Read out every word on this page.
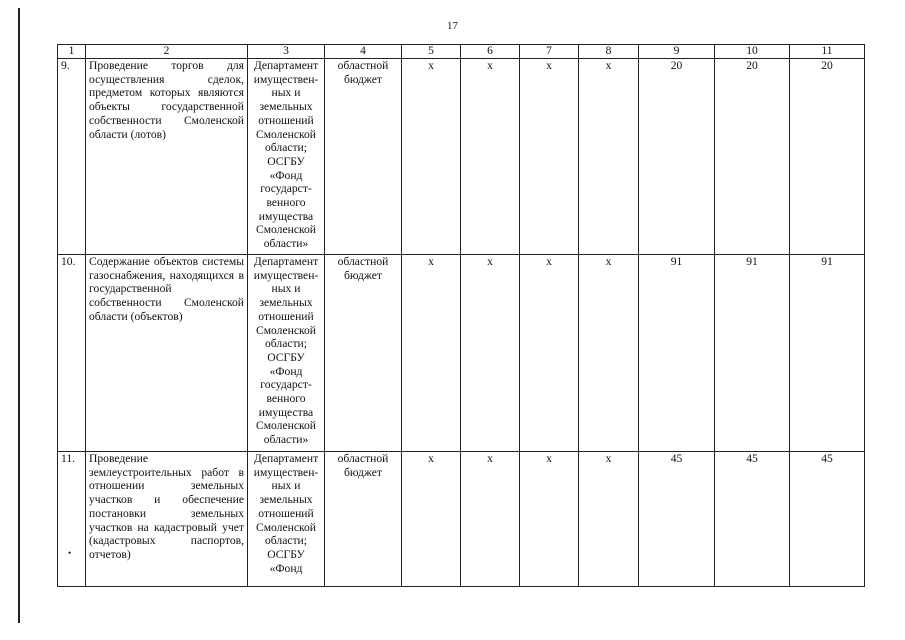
17
•
1	2	3	4	5	6	7	8	9	10	11
9.	Проведение торгов для осуществления сделок, предметом которых являются объекты государственной собственности Смоленской области (лотов)	Департамент имуществен-ных и земельных отношений Смоленской области; ОСГБУ «Фонд государст-венного имущества Смоленской области»	областной бюджет	х	х	х	х	20	20	20
10.	Содержание объектов системы газоснабжения, находящихся в государственной собственности Смоленской области (объектов)	Департамент имуществен-ных и земельных отношений Смоленской области; ОСГБУ «Фонд государст-венного имущества Смоленской области»	областной бюджет	х	х	х	х	91	91	91
11.	Проведение землеустроительных работ в отношении земельных участков и обеспечение постановки земельных участков на кадастровый учет (кадастровых паспортов, отчетов)	Департамент имуществен-ных и земельных отношений Смоленской области; ОСГБУ «Фонд	областной бюджет	х	х	х	х	45	45	45
